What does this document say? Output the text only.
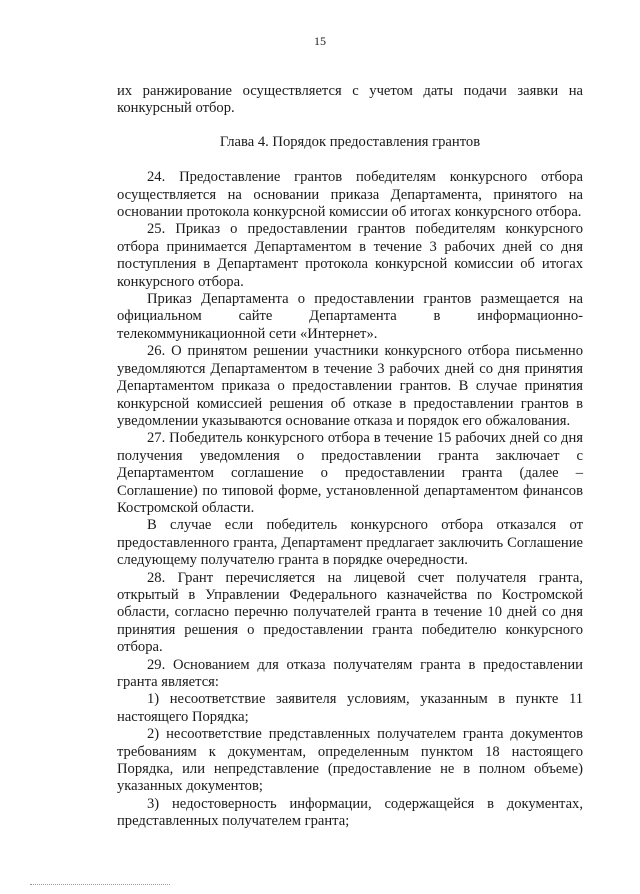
15

их ранжирование осуществляется с учетом даты подачи заявки на конкурсный отбор.

Глава 4. Порядок предоставления грантов

24. Предоставление грантов победителям конкурсного отбора осуществляется на основании приказа Департамента, принятого на основании протокола конкурсной комиссии об итогах конкурсного отбора.

25. Приказ о предоставлении грантов победителям конкурсного отбора принимается Департаментом в течение 3 рабочих дней со дня поступления в Департамент протокола конкурсной комиссии об итогах конкурсного отбора.

Приказ Департамента о предоставлении грантов размещается на официальном сайте Департамента в информационно-телекоммуникационной сети «Интернет».

26. О принятом решении участники конкурсного отбора письменно уведомляются Департаментом в течение 3 рабочих дней со дня принятия Департаментом приказа о предоставлении грантов. В случае принятия конкурсной комиссией решения об отказе в предоставлении грантов в уведомлении указываются основание отказа и порядок его обжалования.

27. Победитель конкурсного отбора в течение 15 рабочих дней со дня получения уведомления о предоставлении гранта заключает с Департаментом соглашение о предоставлении гранта (далее – Соглашение) по типовой форме, установленной департаментом финансов Костромской области.

В случае если победитель конкурсного отбора отказался от предоставленного гранта, Департамент предлагает заключить Соглашение следующему получателю гранта в порядке очередности.

28. Грант перечисляется на лицевой счет получателя гранта, открытый в Управлении Федерального казначейства по Костромской области, согласно перечню получателей грантa в течение 10 дней со дня принятия решения о предоставлении гранта победителю конкурсного отбора.

29. Основанием для отказа получателям гранта в предоставлении гранта является:

1) несоответствие заявителя условиям, указанным в пункте 11 настоящего Порядка;

2) несоответствие представленных получателем гранта документов требованиям к документам, определенным пунктом 18 настоящего Порядка, или непредставление (предоставление не в полном объеме) указанных документов;

3) недостоверность информации, содержащейся в документах, представленных получателем гранта;
